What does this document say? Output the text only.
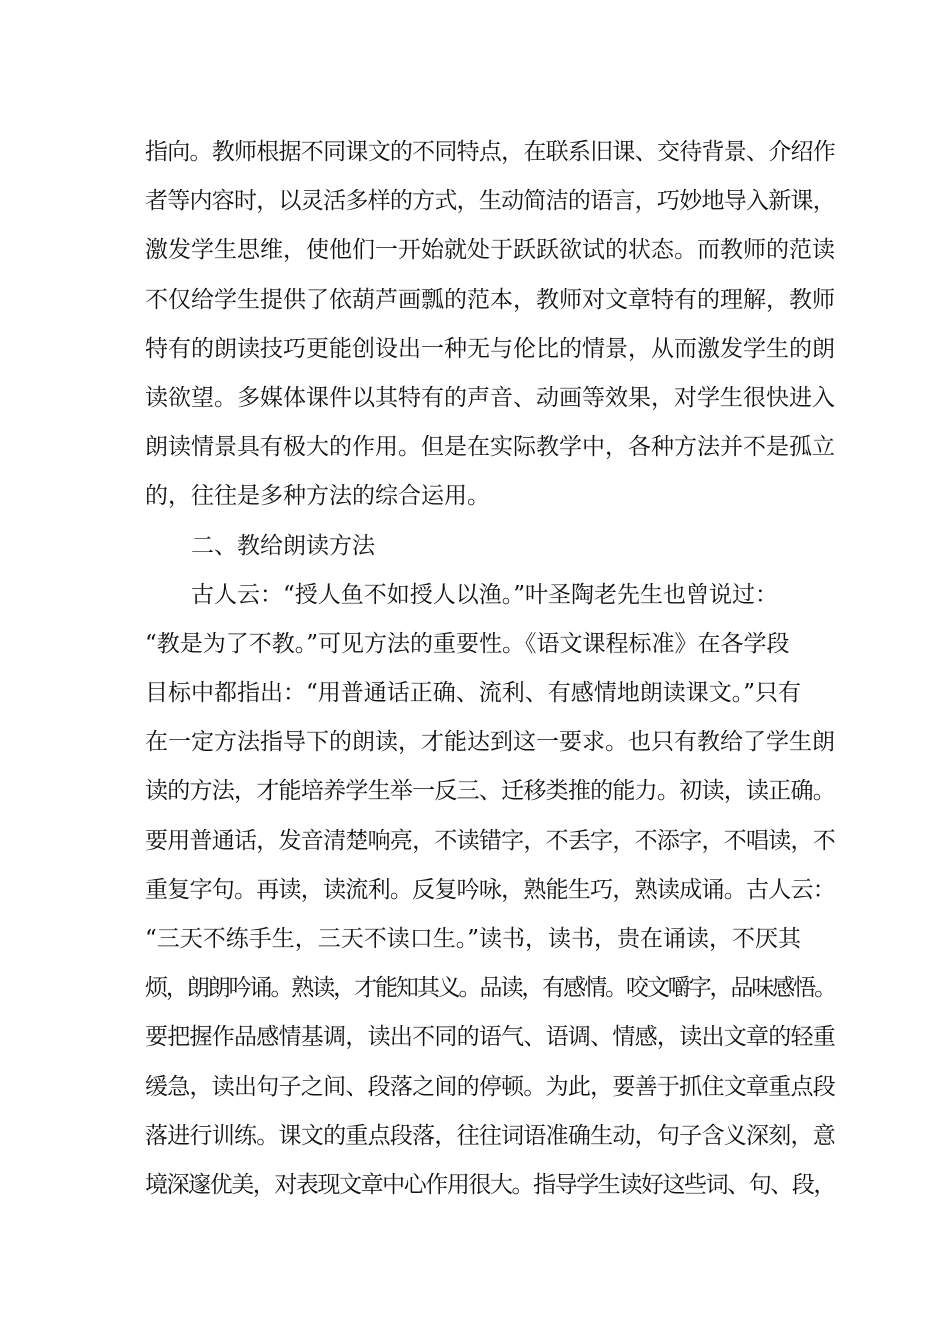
指向。教师根据不同课文的不同特点，在联系旧课、交待背景、介绍作
者等内容时，以灵活多样的方式，生动简洁的语言，巧妙地导入新课，
激发学生思维，使他们一开始就处于跃跃欲试的状态。而教师的范读
不仅给学生提供了依葫芦画瓢的范本，教师对文章特有的理解，教师
特有的朗读技巧更能创设出一种无与伦比的情景，从而激发学生的朗
读欲望。多媒体课件以其特有的声音、动画等效果，对学生很快进入
朗读情景具有极大的作用。但是在实际教学中，各种方法并不是孤立
的，往往是多种方法的综合运用。
二、教给朗读方法
古人云：“授人鱼不如授人以渔。”叶圣陶老先生也曾说过：
“教是为了不教。”可见方法的重要性。《语文课程标准》在各学段
目标中都指出：“用普通话正确、流利、有感情地朗读课文。”只有
在一定方法指导下的朗读，才能达到这一要求。也只有教给了学生朗
读的方法，才能培养学生举一反三、迁移类推的能力。初读，读正确。
要用普通话，发音清楚响亮，不读错字，不丢字，不添字，不唱读，不
重复字句。再读，读流利。反复吟咏，熟能生巧，熟读成诵。古人云：
“三天不练手生，三天不读口生。”读书，读书，贵在诵读，不厌其
烦，朗朗吟诵。熟读，才能知其义。品读，有感情。咬文嚼字，品味感悟。
要把握作品感情基调，读出不同的语气、语调、情感，读出文章的轻重
缓急，读出句子之间、段落之间的停顿。为此，要善于抓住文章重点段
落进行训练。课文的重点段落，往往词语准确生动，句子含义深刻，意
境深邃优美，对表现文章中心作用很大。指导学生读好这些词、句、段，
